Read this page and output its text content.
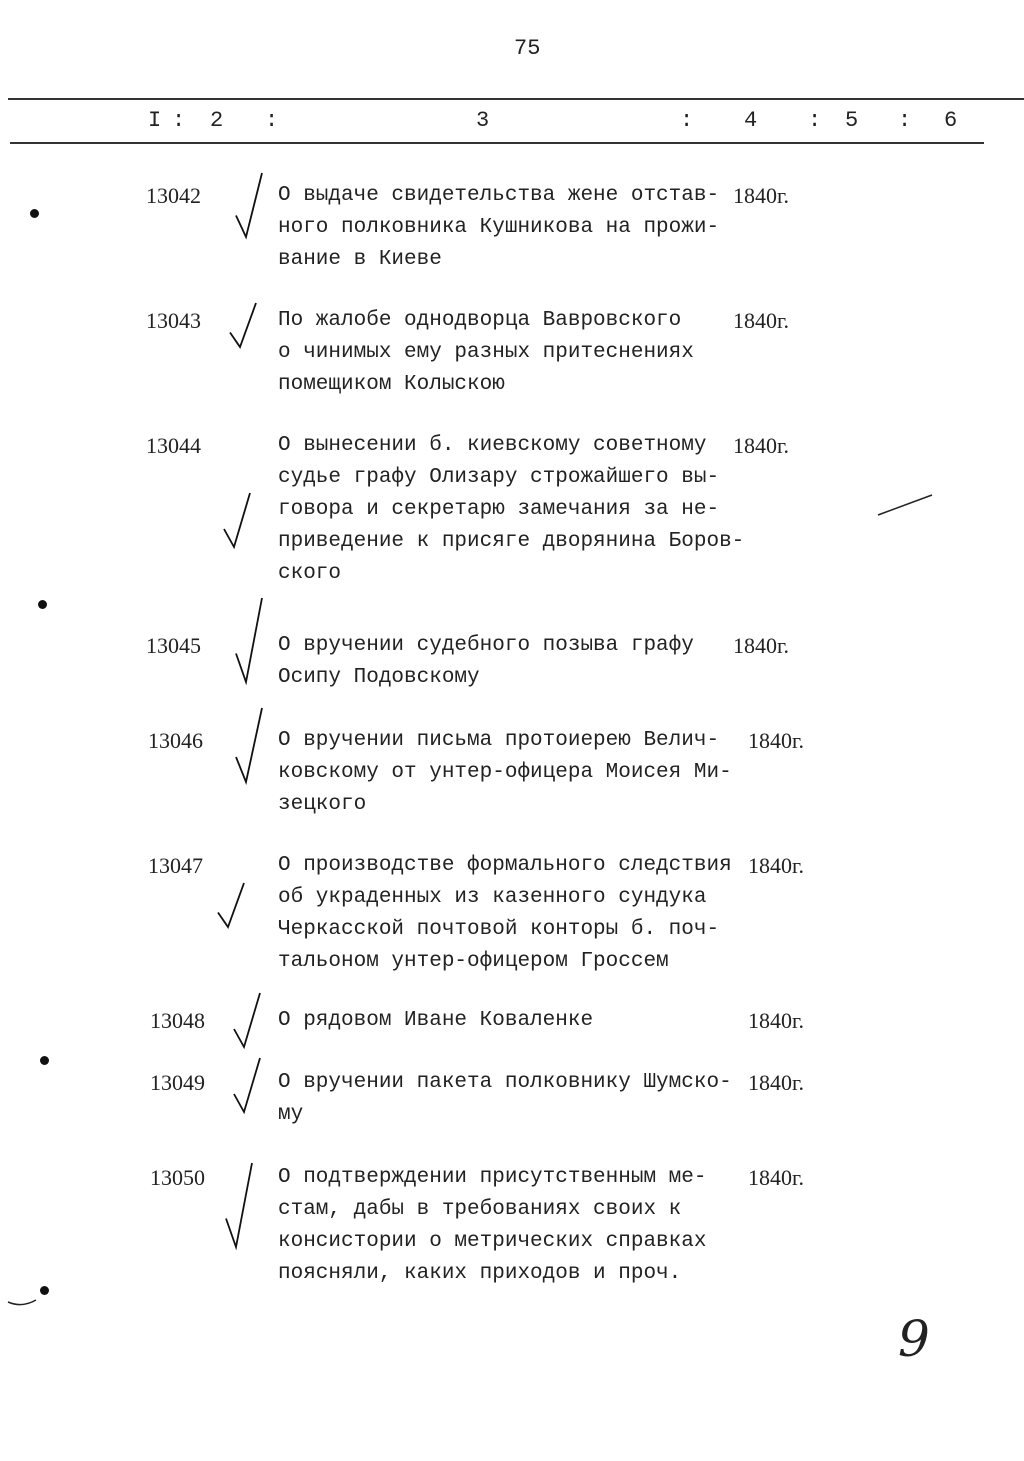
75
I : 2 :	3	: 4 : 5 : 6
13042	О выдаче свидетельства жене отстав-
ного полковника Кушникова на прожи-
вание в Киеве
1840г.
13043	По жалобе однодворца Вавровского
о чинимых ему разных притеснениях
помещиком Колыскою
1840г.
13044	О вынесении б. киевскому советному
судье графу Олизару строжайшего вы-
говора и секретарю замечания за не-
приведение к присяге дворянина Боров-
ского
1840г.
13045	О вручении судебного позыва графу
Осипу Подовскому
1840г.
13046	О вручении письма протоиерею Велич-
ковскому от унтер-офицера Моисея Ми-
зецкого
1840г.
13047	О производстве формального следствия
об украденных из казенного сундука
Черкасской почтовой конторы б. поч-
тальоном унтер-офицером Гроссем
1840г.
13048	О рядовом Иване Коваленке	1840г.
13049	О вручении пакета полковнику Шумско-
му
1840г.
13050	О подтверждении присутственным ме-
стам, дабы в требованиях своих к
консистории о метрических справках
поясняли, каких приходов и проч.
1840г.
9
